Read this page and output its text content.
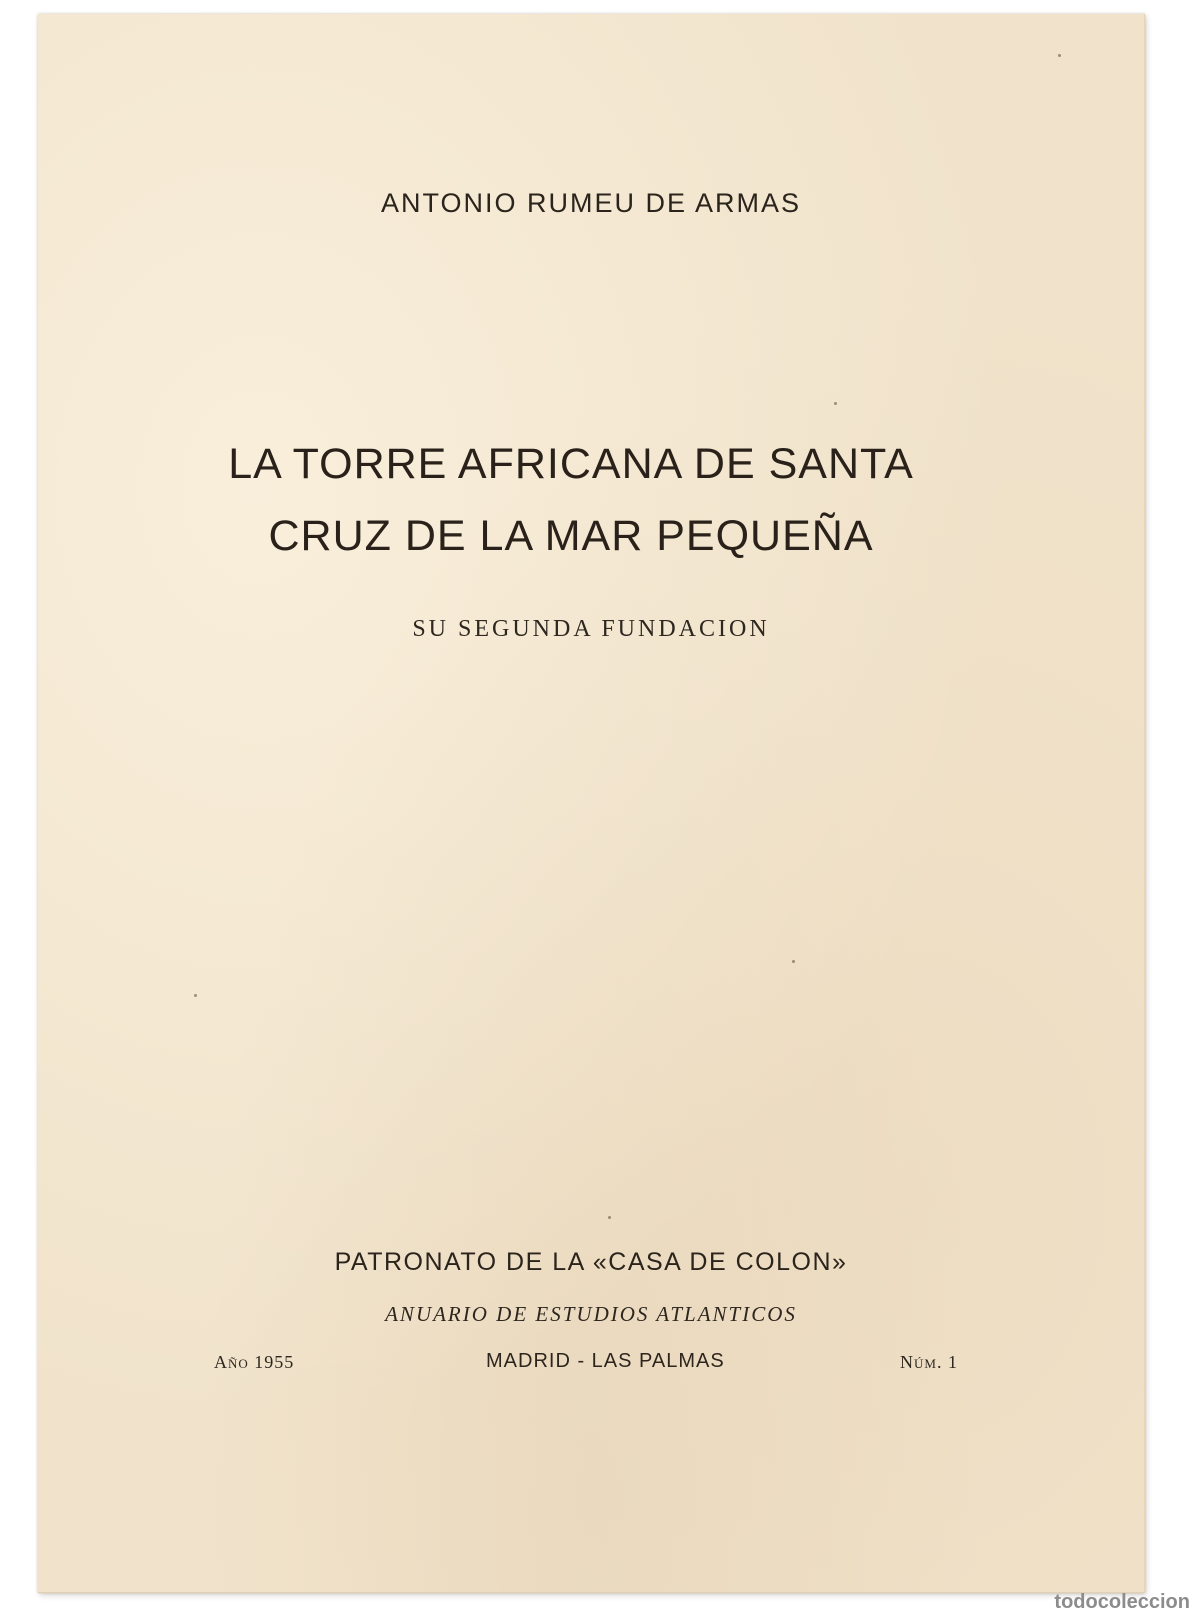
ANTONIO RUMEU DE ARMAS
LA TORRE AFRICANA DE SANTA
CRUZ DE LA MAR PEQUEÑA
SU SEGUNDA FUNDACION
PATRONATO DE LA «CASA DE COLON»
ANUARIO DE ESTUDIOS ATLANTICOS
Año 1955	MADRID - LAS PALMAS	Núm. 1
todocoleccion
